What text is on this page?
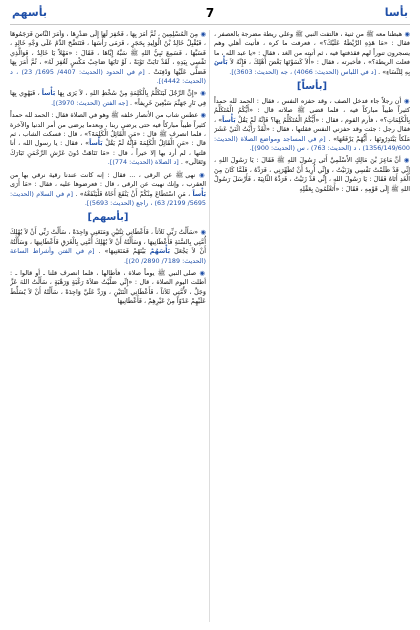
بأسا
7
بأسهم

◉ هبطنا معه ﷺ من ثنية ، فالتفت النبي ﷺ وعلي ريطة مضرجة بالعصفر ، فقال : «مَا هَذِهِ الرَّيْطَةُ عَلَيْكَ؟» ، فعرفت ما كره ، فأتيت أهلي وهم يسجرون تنوراً لهم فقذفتها فيه ، ثم أتيته من الغد ، فقال : «يا عبد الله ، ما فعلت الريطة؟» ، فأخبرته ، فقال : «أَلاَ كَسَوْتَهَا بَعْضَ أَهْلِكَ ، فَإِنَّهُ لاَ بَأْسَ بِهِ لِلنِّسَاءِ» . [د في اللباس (الحديث: 4066) ، جه (الحديث: 3603)].

[بأساً]

◉ أن رجلاً جاء فدخل الصف ، وقد حفزه النفس ، فقال : الحمد لله حمداً كثيراً طيباً مباركاً فيه ، فلما قضى ﷺ صلاته قال : «أَيُّكُمُ الْمُتَكَلِّمُ بِالْكَلِمَاتِ؟» ، فأرم القوم ، فقال : «أَيُّكُمُ الْمُتَكَلِّمُ بِهَا؟ فَإِنَّهُ لَمْ يَقُلْ بَأْساً» ، فقال رجل : جئت وقد حفزني النفس فقلتها ، فقال : «لَقَدْ رَأَيْتُ اثْنَيْ عَشَرَ مَلَكاً يَبْتَدِرُونَهَا ، أَيُّهُمْ يَرْفَعُهَا» . [م في المساجد ومواضع الصلاة (الحديث: 1356/149/600) ، د (الحديث: 763) ، س (الحديث: 900)].

◉ أنَّ مَاعِزَ بْنَ مَالِكٍ الأَسْلَمِيَّ أَتَى رَسُولَ اللهِ ﷺ فَقَالَ : يَا رَسُولَ اللهِ ، إِنِّي قَدْ ظَلَمْتُ نَفْسِي وَزَنَيْتُ ، وَإِنِّي أُرِيدُ أَنْ تُطَهِّرَنِي ، فَرَدَّهُ ، فَلَمَّا كَانَ مِنَ الْغَدِ أَتَاهُ فَقَالَ : يَا رَسُولَ اللهِ ، إِنِّي قَدْ زَنَيْتُ ، فَرَدَّهُ الثَّانِيَةَ ، فَأَرْسَلَ رَسُولُ اللهِ ﷺ إِلَى قَوْمِهِ ، فَقَالَ : «أَتَعْلَمُونَ بِعَقْلِهِ

◉ مِنَ الْمُسْلِمِينَ ، ثُمَّ أَمَرَ بِهَا ، فَحُفِرَ لَهَا إِلَى صَدْرِهَا ، وَأَمَرَ النَّاسَ فَرَجَمُوهَا ، فَيُقْبِلُ خَالِدُ بْنُ الْوَلِيدِ بِحَجَرٍ ، فَرَمَى رَأْسَهَا ، فَتَنَضَّحَ الدَّمُ عَلَى وَجْهِ خَالِدٍ ، فَسَبَّهَا ، فَسَمِعَ نَبِيُّ اللهِ ﷺ سَبَّهُ إِيَّاهَا ، فَقَالَ : «مَهْلاً يَا خَالِدُ ، فَوَالَّذِي نَفْسِي بِيَدِهِ ، لَقَدْ تَابَتْ تَوْبَةً ، لَوْ تَابَهَا صَاحِبُ مَكْسٍ لَغُفِرَ لَهُ» ، ثُمَّ أَمَرَ بِهَا فَصَلَّى عَلَيْهَا وَدُفِنَتْ . [م في الحدود (الحديث: 4407/ 1695/ 23) ، د (الحديث: 4442)].

◉ «إِنَّ الرَّجُلَ لَيَتَكَلَّمُ بِالْكَلِمَةِ مِنْ سُخْطِ اللهِ ، لاَ يَرَى بِهَا بَأْساً ، فَيَهْوِي بِهَا فِي نَارِ جَهَنَّمَ سَبْعِينَ خَرِيفاً» . [جه الفتن (الحديث: 3970)].

◉ عطس شاب من الأنصار خلفه ﷺ وهو في الصلاة فقال : الحمد لله حمداً كثيراً طيباً مباركاً فيه حتى يرضى ربنا ، وبعدما يرضى من أمر الدنيا والآخرة ، فلما انصرف ﷺ قال : «مَنِ الْقَائِلُ الْكَلِمَةَ؟» ، قال : فسكت الشاب ، ثم قال : «مَنِ الْقَائِلُ الْكَلِمَةَ فَإِنَّهُ لَمْ يَقُلْ بَأْساً» ، فقال : يا رسول الله ، أنا قلتها ، لم أرد بها إلا خيراً ، قال : «مَا تَنَاهَتْ دُونَ عَرْشِ الرَّحْمَنِ تَبَارَكَ وَتَعَالَى» . [د الصلاة (الحديث: 774)].

◉ نهى ﷺ عن الرقى ، ... فقال : إنه كانت عندنا رقية نرقي بها من العقرب ، وإنك نهيت عن الرقى ، قال : فعرضوها عليه ، فقال : «مَا أَرَى بَأْساً ، مَنِ اسْتَطَاعَ مِنْكُمْ أَنْ يَنْفَعَ أَخَاهُ فَلْيَنْفَعْهُ» . [م في السلام (الحديث: 5695/ 2199/ 63) ، راجع (الحديث: 5693)].

[بأسهم]

◉ «سَأَلْتُ رَبِّي ثَلاَثاً ، فَأَعْطَانِي ثِنْتَيْنِ وَمَنَعَنِي وَاحِدَةً ، سَأَلْتُ رَبِّي أَنْ لاَ يُهْلِكَ أُمَّتِي بِالسَّنَةِ فَأَعْطَانِيهَا ، وَسَأَلْتُهُ أَنْ لاَ يُهْلِكَ أُمَّتِي بِالْغَرَقِ فَأَعْطَانِيهَا ، وَسَأَلْتُهُ أَنْ لاَ يَجْعَلَ بَأْسَهُمْ بَيْنَهُمْ فَمَنَعَنِيهَا» . [م في الفتن وأشراط الساعة (الحديث: 7189/ 2890/ 20)].

◉ صلى النبي ﷺ يوماً صلاة ، فأطالها ، فلما انصرف قلنا ـ أو قالوا ـ : أطلت اليوم الصلاة ، قال : «إِنِّي صَلَّيْتُ صَلاَةَ رَغْبَةٍ وَرَهْبَةٍ ، سَأَلْتُ اللهَ عَزَّ وَجَلَّ ، لأُمَّتِي ثَلاَثاً ، فَأَعْطَانِي اثْنَتَيْنِ ، وَرَدَّ عَلَيَّ وَاحِدَةً ، سَأَلْتُهُ أَنْ لاَ يُسَلِّطَ عَلَيْهِمْ عَدُوّاً مِنْ غَيْرِهِمْ ، فَأَعْطَانِيهَا
